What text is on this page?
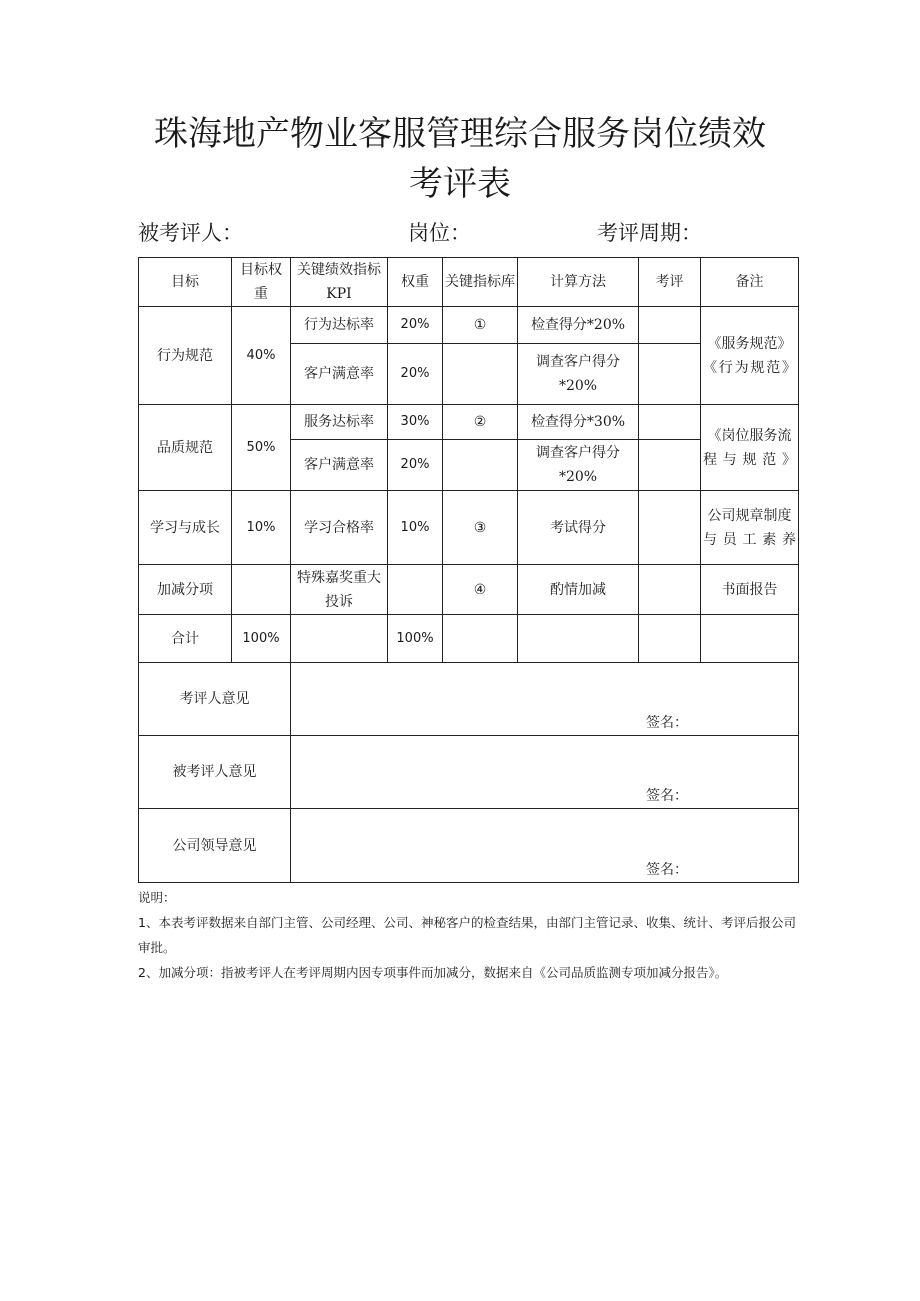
珠海地产物业客服管理综合服务岗位绩效
考评表
被考评人：	岗位：	考评周期：
目标	目标权重	关键绩效指标 KPI	权重	关键指标库	计算方法	考评	备注
行为规范	40%	行为达标率	20%	①	检查得分*20%		《服务规范》《行为规范》
		客户满意率	20%		调查客户得分
*20%		

品质规范	50%	服务达标率	30%	②	检查得分*30%		《岗位服务流程与规范》
		客户满意率	20%		调查客户得分
*20%		

学习与成长	10%	学习合格率	10%	③	考试得分		公司规章制度与员工素养
加减分项		特殊嘉奖重大投诉		④	酌情加减		书面报告
合计	100%		100%				
考评人意见		签名：					

被考评人意见		签名：					

公司领导意见		签名：					

说明：

1、本表考评数据来自部门主管、公司经理、公司、神秘客户的检查结果，由部门主管记录、收集、统计、考评后报公司审批。

2、加减分项：指被考评人在考评周期内因专项事件而加减分，数据来自《公司品质监测专项加减分报告》。
